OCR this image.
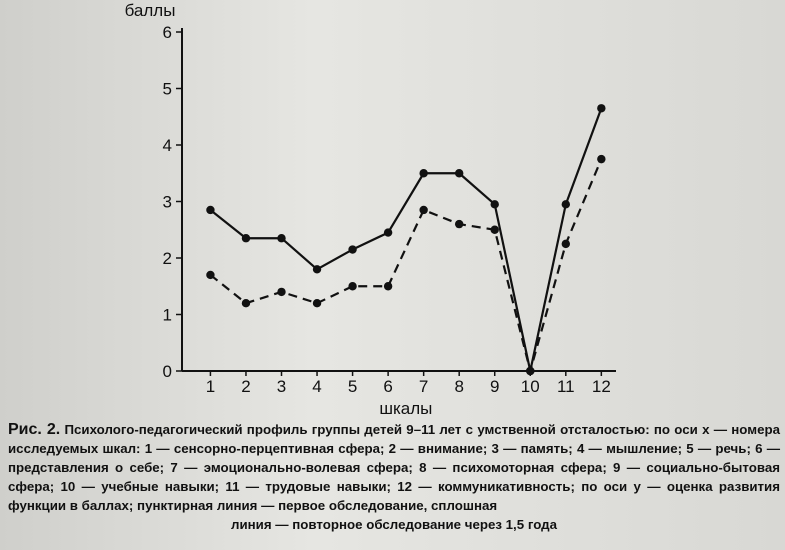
0
1
2
3
4
5
6
1 2 3 4 5 6 7 8 9 10 11 12
баллы
шкалы
Рис. 2. Психолого-педагогический профиль группы детей 9–11 лет с умственной отсталостью: по оси x — номера исследуемых шкал: 1 — сенсорно-перцептивная сфера; 2 — внимание; 3 — память; 4 — мышление; 5 — речь; 6 — представления о себе; 7 — эмоционально-волевая сфера; 8 — психомоторная сфера; 9 — социально-бытовая сфера; 10 — учебные навыки; 11 — трудовые навыки; 12 — коммуникативность; по оси y — оценка развития функции в баллах; пунктирная линия — первое обследование, сплошная
линия — повторное обследование через 1,5 года
